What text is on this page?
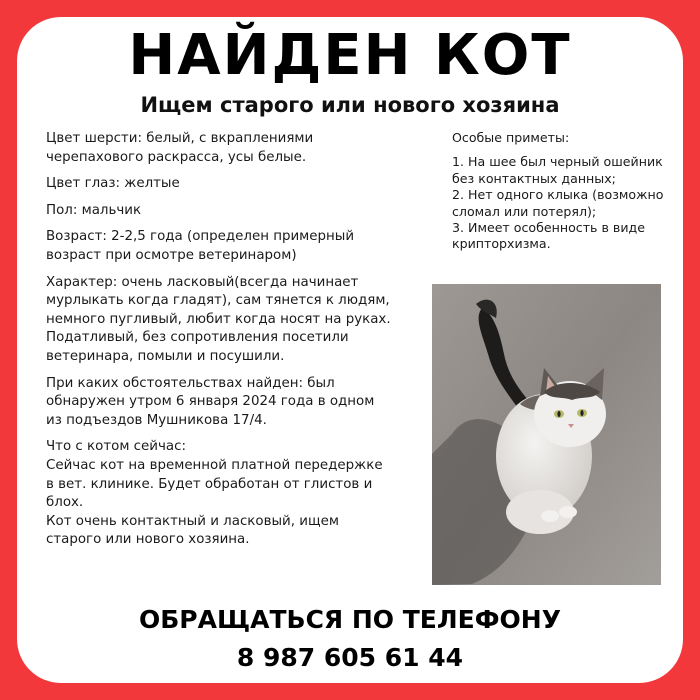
НАЙДЕН КОТ
Ищем старого или нового хозяина

Цвет шерсти: белый, с вкраплениями черепахового раскрасса, усы белые.

Цвет глаз: желтые

Пол: мальчик

Возраст: 2-2,5 года (определен примерный возраст при осмотре ветеринаром)

Характер: очень ласковый(всегда начинает мурлыкать когда гладят), сам тянется к людям, немного пугливый, любит когда носят на руках. Податливый, без сопротивления посетили ветеринара, помыли и посушили.

При каких обстоятельствах найден: был обнаружен утром 6 января 2024 года в одном из подъездов Мушникова 17/4.

Что с котом сейчас:

Сейчас кот на временной платной передержке в вет. клинике. Будет обработан от глистов и блох.

Кот очень контактный и ласковый, ищем старого или нового хозяина.

Особые приметы:

1. На шее был черный ошейник без контактных данных;

2. Нет одного клыка (возможно сломал или потерял);

3. Имеет особенность в виде крипторхизма.

ОБРАЩАТЬСЯ ПО ТЕЛЕФОНУ
8 987 605 61 44
